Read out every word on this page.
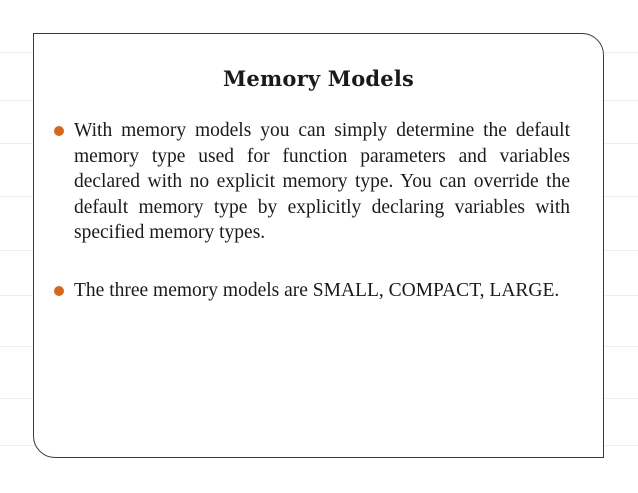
Memory Models
With memory models you can simply determine the default memory type used for function parameters and variables declared with no explicit memory type. You can override the default memory type by explicitly declaring variables with specified memory types.
The three memory models are SMALL, COMPACT, LARGE.
